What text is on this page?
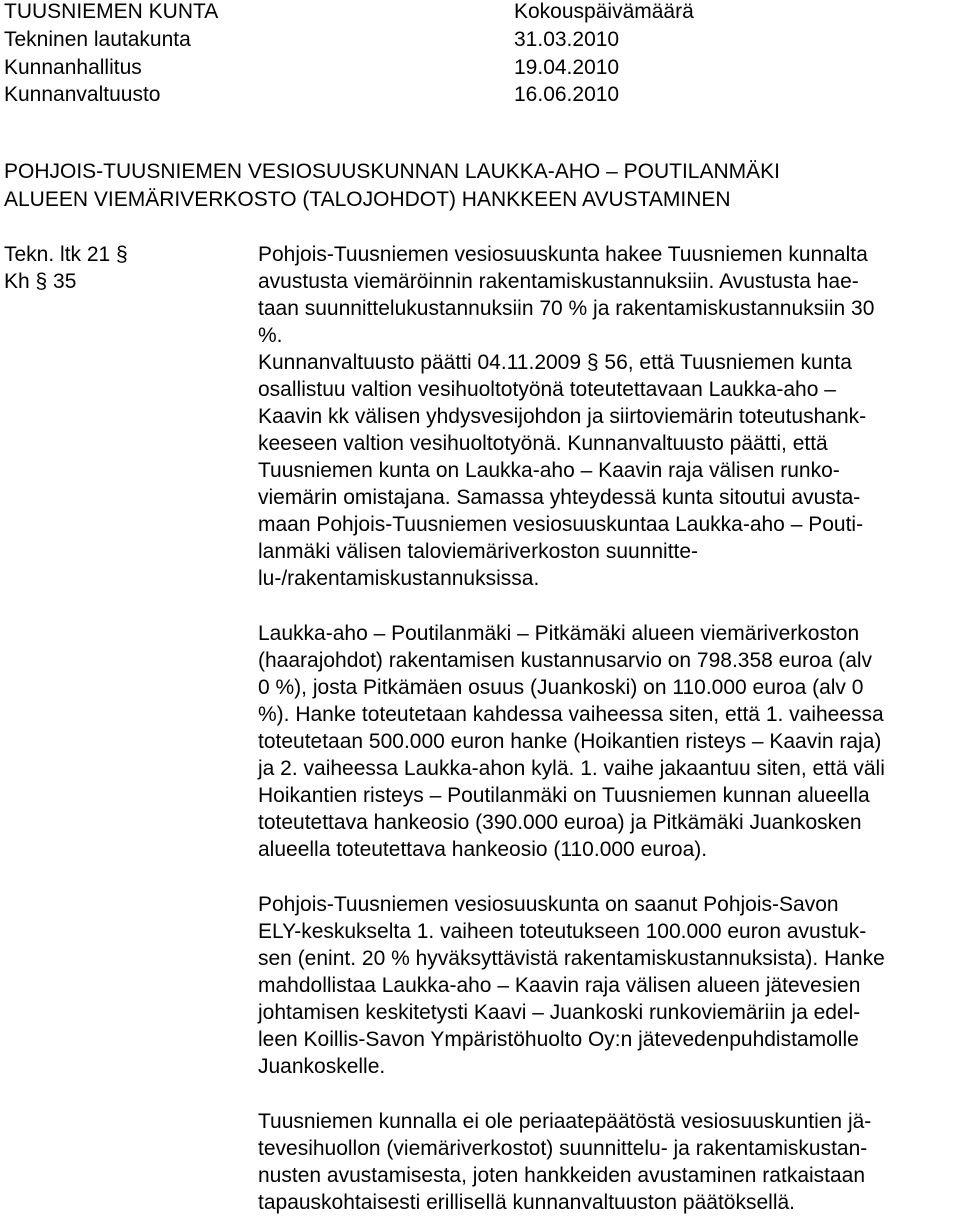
TUUSNIEMEN KUNTA	Kokouspäivämäärä
Tekninen lautakunta	31.03.2010
Kunnanhallitus	19.04.2010
Kunnanvaltuusto	16.06.2010
POHJOIS-TUUSNIEMEN VESIOSUUSKUNNAN LAUKKA-AHO – POUTILANMÄKI
ALUEEN VIEMÄRIVERKOSTO (TALOJOHDOT) HANKKEEN AVUSTAMINEN
Tekn. ltk 21 §
Kh § 35
Pohjois-Tuusniemen vesiosuuskunta hakee Tuusniemen kunnalta
avustusta viemäröinnin rakentamiskustannuksiin. Avustusta hae-
taan suunnittelukustannuksiin 70 % ja rakentamiskustannuksiin 30
%.
Kunnanvaltuusto päätti 04.11.2009 § 56, että Tuusniemen kunta
osallistuu valtion vesihuoltotyönä toteutettavaan Laukka-aho –
Kaavin kk välisen yhdysvesijohdon ja siirtoviemärin toteutushank-
keeseen valtion vesihuoltotyönä. Kunnanvaltuusto päätti, että
Tuusniemen kunta on Laukka-aho – Kaavin raja välisen runko-
viemärin omistajana. Samassa yhteydessä kunta sitoutui avusta-
maan Pohjois-Tuusniemen vesiosuuskuntaa Laukka-aho – Pouti-
lanmäki välisen taloviemäriverkoston suunnitte-
lu-/rakentamiskustannuksissa.
Laukka-aho – Poutilanmäki – Pitkämäki alueen viemäriverkoston
(haarajohdot) rakentamisen kustannusarvio on 798.358 euroa (alv
0 %), josta Pitkämäen osuus (Juankoski) on 110.000 euroa (alv 0
%). Hanke toteutetaan kahdessa vaiheessa siten, että 1. vaiheessa
toteutetaan 500.000 euron hanke (Hoikantien risteys – Kaavin raja)
ja 2. vaiheessa Laukka-ahon kylä. 1. vaihe jakaantuu siten, että väli
Hoikantien risteys – Poutilanmäki on Tuusniemen kunnan alueella
toteutettava hankeosio (390.000 euroa) ja Pitkämäki Juankosken
alueella toteutettava hankeosio (110.000 euroa).
Pohjois-Tuusniemen vesiosuuskunta on saanut Pohjois-Savon
ELY-keskukselta 1. vaiheen toteutukseen 100.000 euron avustuk-
sen (enint. 20 % hyväksyttävistä rakentamiskustannuksista). Hanke
mahdollistaa Laukka-aho – Kaavin raja välisen alueen jätevesien
johtamisen keskitetysti Kaavi – Juankoski runkoviemäriin ja edel-
leen Koillis-Savon Ympäristöhuolto Oy:n jätevedenpuhdistamolle
Juankoskelle.
Tuusniemen kunnalla ei ole periaatepäätöstä vesiosuuskuntien jä-
tevesihuollon (viemäriverkostot) suunnittelu- ja rakentamiskustan-
nusten avustamisesta, joten hankkeiden avustaminen ratkaistaan
tapauskohtaisesti erillisellä kunnanvaltuuston päätöksellä.
